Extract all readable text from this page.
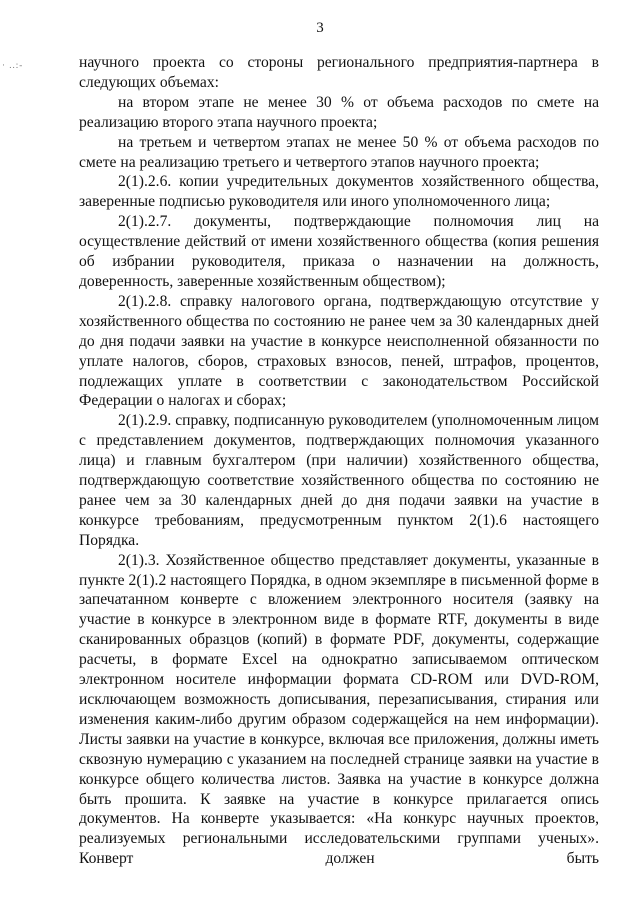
3
· ..:-	научного проекта со стороны регионального предприятия-партнера в следующих объемах:

на втором этапе не менее 30 % от объема расходов по смете на реализацию второго этапа научного проекта;

на третьем и четвертом этапах не менее 50 % от объема расходов по смете на реализацию третьего и четвертого этапов научного проекта;

2(1).2.6. копии учредительных документов хозяйственного общества, заверенные подписью руководителя или иного уполномоченного лица;

2(1).2.7. документы, подтверждающие полномочия лиц на осуществление действий от имени хозяйственного общества (копия решения об избрании руководителя, приказа о назначении на должность, доверенность, заверенные хозяйственным обществом);

2(1).2.8. справку налогового органа, подтверждающую отсутствие у хозяйственного общества по состоянию не ранее чем за 30 календарных дней до дня подачи заявки на участие в конкурсе неисполненной обязанности по уплате налогов, сборов, страховых взносов, пеней, штрафов, процентов, подлежащих уплате в соответствии с законодательством Российской Федерации о налогах и сборах;

2(1).2.9. справку, подписанную руководителем (уполномоченным лицом с представлением документов, подтверждающих полномочия указанного лица) и главным бухгалтером (при наличии) хозяйственного общества, подтверждающую соответствие хозяйственного общества по состоянию не ранее чем за 30 календарных дней до дня подачи заявки на участие в конкурсе требованиям, предусмотренным пунктом 2(1).6 настоящего Порядка.

2(1).3. Хозяйственное общество представляет документы, указанные в пункте 2(1).2 настоящего Порядка, в одном экземпляре в письменной форме в запечатанном конверте с вложением электронного носителя (заявку на участие в конкурсе в электронном виде в формате RTF, документы в виде сканированных образцов (копий) в формате PDF, документы, содержащие расчеты, в формате Excel на однократно записываемом оптическом электронном носителе информации формата CD-ROM или DVD-ROM, исключающем возможность дописывания, перезаписывания, стирания или изменения каким-либо другим образом содержащейся на нем информации). Листы заявки на участие в конкурсе, включая все приложения, должны иметь сквозную нумерацию с указанием на последней странице заявки на участие в конкурсе общего количества листов. Заявка на участие в конкурсе должна быть прошита. К заявке на участие в конкурсе прилагается опись документов. На конверте указывается: «На конкурс научных проектов, реализуемых региональными исследовательскими группами ученых». Конверт должен быть
